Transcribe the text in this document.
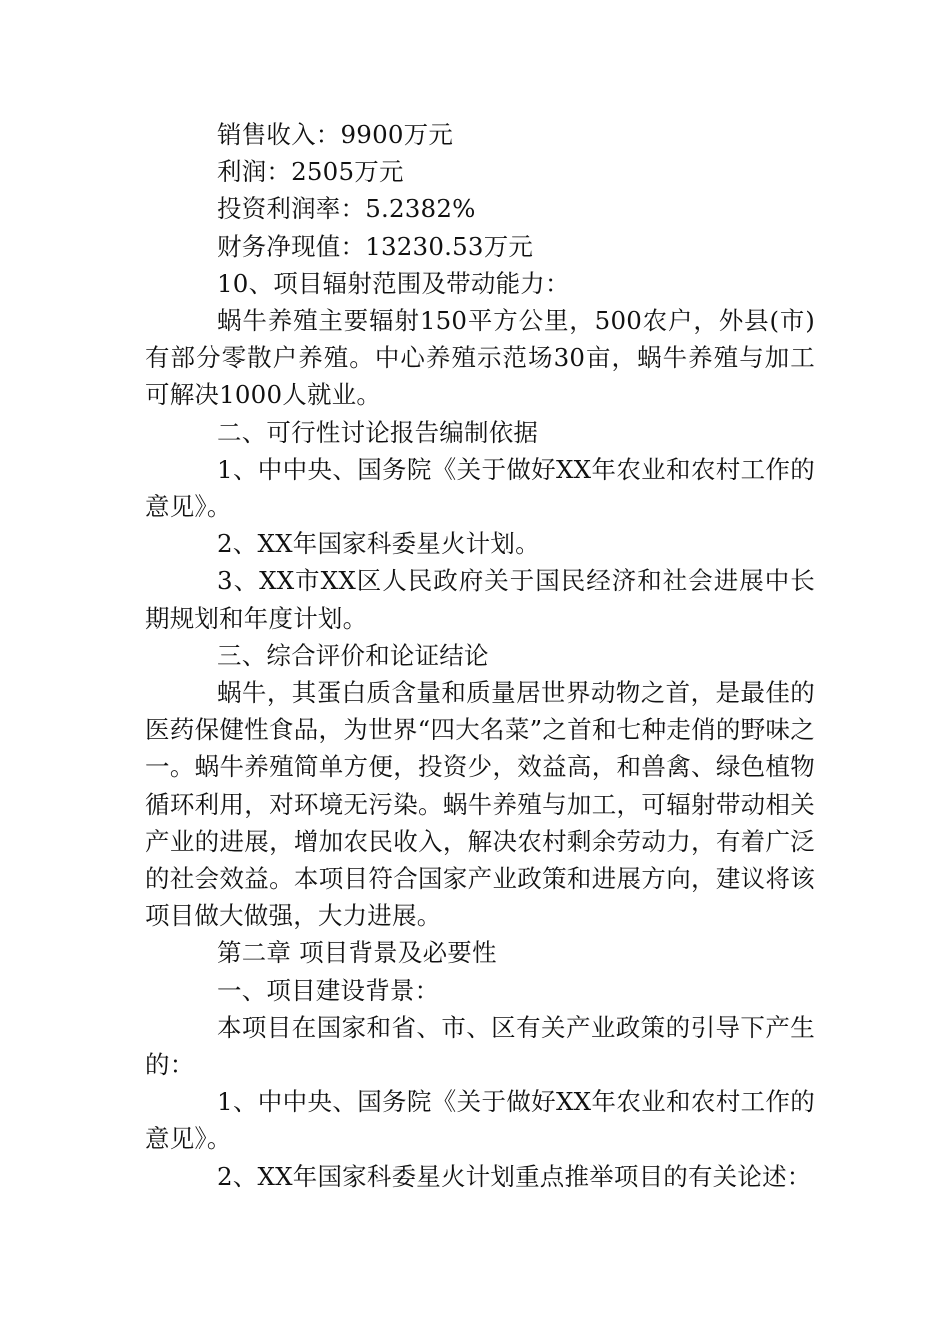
销售收入：9900万元

利润：2505万元

投资利润率：5.2382%

财务净现值：13230.53万元

10、项目辐射范围及带动能力：

蜗牛养殖主要辐射150平方公里，500农户，外县(市)有部分零散户养殖。中心养殖示范场30亩，蜗牛养殖与加工可解决1000人就业。

二、可行性讨论报告编制依据

1、中中央、国务院《关于做好XX年农业和农村工作的意见》。

2、XX年国家科委星火计划。

3、XX市XX区人民政府关于国民经济和社会进展中长期规划和年度计划。

三、综合评价和论证结论

蜗牛，其蛋白质含量和质量居世界动物之首，是最佳的医药保健性食品，为世界“四大名菜”之首和七种走俏的野味之一。蜗牛养殖简单方便，投资少，效益高，和兽禽、绿色植物循环利用，对环境无污染。蜗牛养殖与加工，可辐射带动相关产业的进展，增加农民收入，解决农村剩余劳动力，有着广泛的社会效益。本项目符合国家产业政策和进展方向，建议将该项目做大做强，大力进展。

第二章 项目背景及必要性

一、项目建设背景：

本项目在国家和省、市、区有关产业政策的引导下产生的：

1、中中央、国务院《关于做好XX年农业和农村工作的意见》。

2、XX年国家科委星火计划重点推举项目的有关论述：
